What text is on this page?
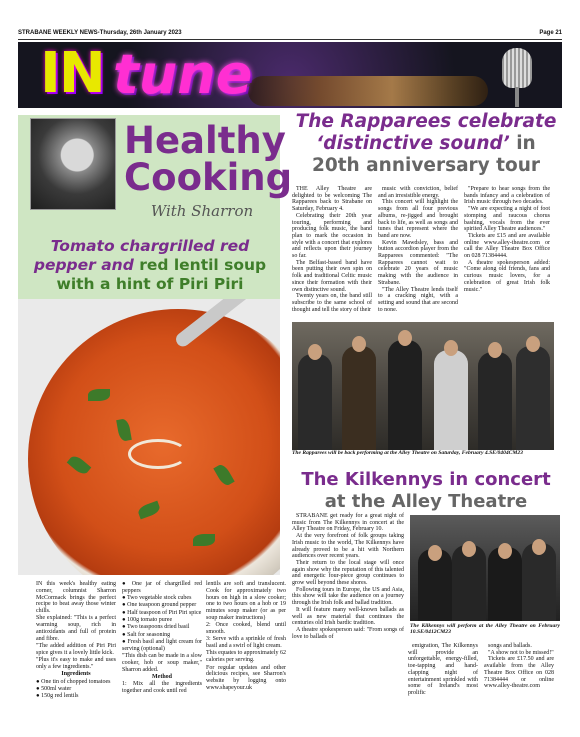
STRABANE WEEKLY NEWS-Thursday, 26th January 2023	Page 21
IN tune
Healthy Cooking
With Sharron
Tomato chargrilled red pepper and red lentil soup with a hint of Piri Piri

IN this week's healthy eating corner, columnist Sharron McCormack brings the perfect recipe to beat away those winter chills.

She explained: "This is a perfect warming soup, rich in antioxidants and full of protein and fibre.

"The added addition of Piri Piri spice gives it a lovely little kick.

"Plus it's easy to make and uses only a few ingredients."

Ingredients

● One tin of chopped tomatoes

● 500ml water

● 150g red lentils

● One jar of chargrilled red peppers

● Two vegetable stock cubes

● One teaspoon ground pepper

● Half teaspoon of Piri Piri spice

● 100g tomato puree

● Two teaspoons dried basil

● Salt for seasoning

● Fresh basil and light cream for serving (optional)

"This dish can be made in a slow cooker, hob or soup maker," Sharron added.

Method

1: Mix all the ingredients together and cook until red

lentils are soft and translucent. Cook for approximately two hours on high in a slow cooker; one to two hours on a hob or 19 minutes soup maker (or as per soup maker instructions)

2: Once cooked, blend until smooth.

3: Serve with a sprinkle of fresh basil and a swirl of light cream.

This equates to approximately 62 calories per serving.

For regular updates and other delicious recipes, see Sharron's website by logging onto www.shapeyour.uk

The Rapparees celebrate
‘distinctive sound’ in 20th anniversary tour

THE Alley Theatre are delighted to be welcoming The Rapparees back to Strabane on Saturday, February 4.

Celebrating their 20th year touring, performing and producing folk music, the band plan to mark the occasion in style with a concert that explores and reflects upon their journey so far.

The Belfast-based band have been putting their own spin on folk and traditional Celtic music since their formation with their own distinctive sound.

Twenty years on, the band still subscribe to the same school of thought and tell the story of their

music with conviction, belief and an irresistible energy.

This concert will highlight the songs from all four previous albums, re-jigged and brought back to life, as well as songs and tunes that represent where the band are now.

Kevin Mawdsley, bass and button accordion player from the Rapparees commented: "The Rapparees cannot wait to celebrate 20 years of music making with the audience in Strabane.

"The Alley Theatre lends itself to a cracking night, with a setting and sound that are second to none.

"Prepare to hear songs from the bands infancy and a celebration of Irish music through two decades.

"We are expecting a night of foot stomping and raucous chorus bashing, vocals from the ever spirited Alley Theatre audiences."

Tickets are £15 and are available online www.alley-theatre.com or call the Alley Theatre Box Office on 028 71384444.

A theatre spokesperson added: "Come along old friends, fans and curious music lovers, for a celebration of great Irish folk music."

The Rapparees will be back performing at the Alley Theatre on Saturday, February 4.SE/0404CM23
The Kilkennys in concert
at the Alley Theatre

STRABANE get ready for a great night of music from The Kilkennys in concert at the Alley Theatre on Friday, February 10.

At the very forefront of folk groups taking Irish music to the world, The Kilkennys have already proved to be a hit with Northern audiences over recent years.

Their return to the local stage will once again show why the reputation of this talented and energetic four-piece group continues to grow well beyond these shores.

Following tours in Europe, the US and Asia, this show will take the audience on a journey through the Irish folk and ballad tradition.

It will feature many well-known ballads as well as new material that continues the centuries old Irish bardic tradition.

A theatre spokesperson said: "From songs of love to ballads of

The Kilkennys will perform at the Alley Theatre on February 10.SE/0412CM23

emigration, The Kilkennys will provide an unforgettable, energy-filled, toe-tapping and hand-clapping night of entertainment sprinkled with some of Ireland's most prolific

songs and ballads.

"A show not to be missed!"

Tickets are £17.50 and are available from the Alley Theatre Box Office on 028 71384444 or online www.alley-theatre.com
